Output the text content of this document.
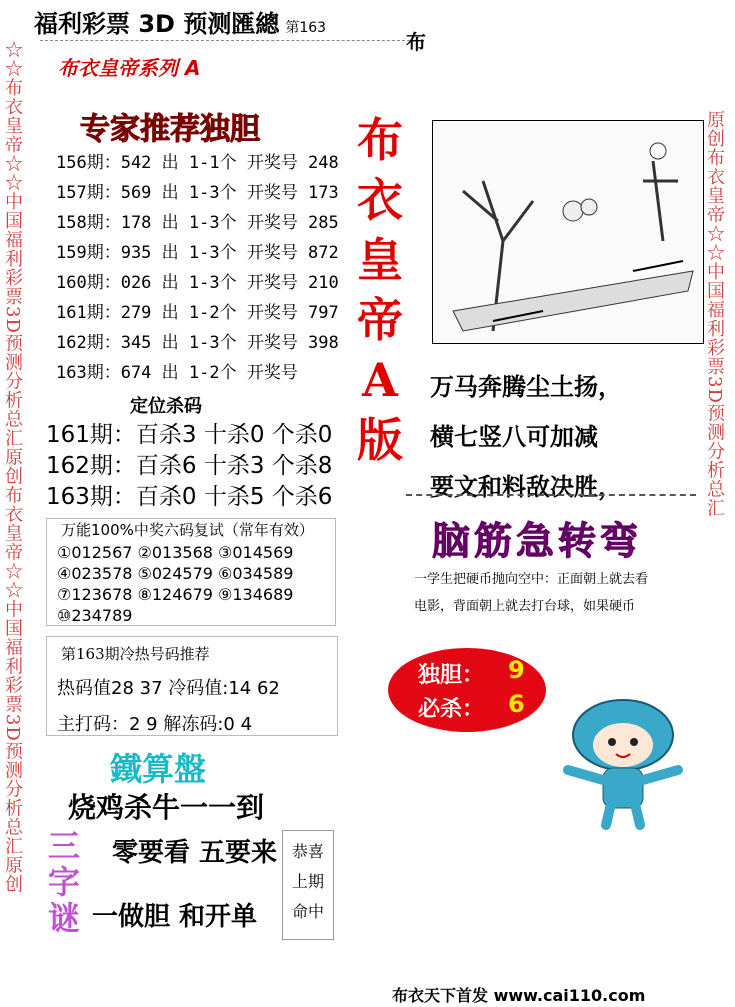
☆☆布衣皇帝☆☆中国福利彩票3D预测分析总汇原创布衣皇帝☆☆中国福利彩票3D预测分析总汇原创	原创布衣皇帝☆☆中国福利彩票3D预测分析总汇
福利彩票 3D 预测匯總 第163
布
布衣皇帝系列 A
专家推荐独胆
156期：542 出 1-1个 开奖号 248
157期：569 出 1-3个 开奖号 173
158期：178 出 1-3个 开奖号 285
159期：935 出 1-3个 开奖号 872
160期：026 出 1-3个 开奖号 210
161期：279 出 1-2个 开奖号 797
162期：345 出 1-3个 开奖号 398
163期：674 出 1-2个 开奖号
布衣皇帝A版
万马奔腾尘土扬，
横七竖八可加减
要文和料敌决胜，
定位杀码
161期：百杀3 十杀0 个杀0
162期：百杀6 十杀3 个杀8
163期：百杀0 十杀5 个杀6
万能100%中奖六码复试（常年有效）
①012567 ②013568 ③014569
④023578 ⑤024579 ⑥034589
⑦123678 ⑧124679 ⑨134689
⑩234789
脑筋急转弯
一学生把硬币抛向空中：正面朝上就去看
电影，背面朝上就去打台球，如果硬币
第163期冷热号码推荐
热码值28 37 冷码值:14 62
主打码：2 9 解冻码:0 4
独胆： 9
必杀： 6
鐵算盤
烧鸡杀牛一一到
三字谜
零要看 五要来
一做胆 和开单
恭喜
上期
命中
布衣天下首发 www.cai110.com
